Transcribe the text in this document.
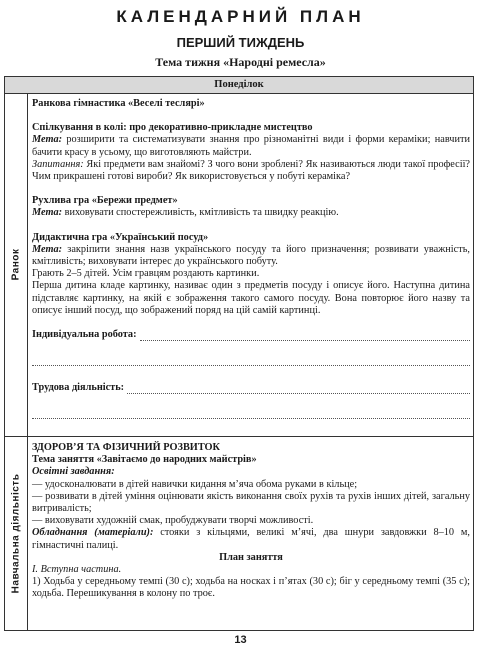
КАЛЕНДАРНИЙ ПЛАН
ПЕРШИЙ ТИЖДЕНЬ
Тема тижня «Народні ремесла»
Понеділок
Ранок
Навчальна діяльність

Ранкова гімнастика «Веселі теслярі»

Спілкування в колі: про декоративно-прикладне мистецтво

Мета: розширити та систематизувати знання про різноманітні види і форми кераміки; навчити бачити красу в усьому, що виготовляють майстри.

Запитання: Які предмети вам знайомі? З чого вони зроблені? Як називаються люди такої професії? Чим прикрашені готові вироби? Як використовується у побуті кераміка?

Рухлива гра «Бережи предмет»

Мета: виховувати спостережливість, кмітливість та швидку реакцію.

Дидактична гра «Український посуд»

Мета: закріпити знання назв українського посуду та його призначення; розвивати уважність, кмітливість; виховувати інтерес до українського побуту.

Грають 2–5 дітей. Усім гравцям роздають картинки.

Перша дитина кладе картинку, називає один з предметів посуду і описує його. Наступна дитина підставляє картинку, на якій є зображення такого самого посуду. Вона повторює його назву та описує інший посуд, що зображений поряд на цій самій картинці.

Індивідуальна робота:
Трудова діяльність:

ЗДОРОВ’Я ТА ФІЗИЧНИЙ РОЗВИТОК

Тема заняття «Завітаємо до народних майстрів»

Освітні завдання:

— удосконалювати в дітей навички кидання м’яча обома руками в кільце;

— розвивати в дітей уміння оцінювати якість виконання своїх рухів та рухів інших дітей, загальну витривалість;

— виховувати художній смак, пробуджувати творчі можливості.

Обладнання (матеріали): стояки з кільцями, великі м’ячі, два шнури завдовжки 8–10 м, гімнастичні палиці.

План заняття

І. Вступна частина.

1) Ходьба у середньому темпі (30 с); ходьба на носках і п’ятах (30 с); біг у середньому темпі (35 с); ходьба. Перешикування в колону по троє.

13
